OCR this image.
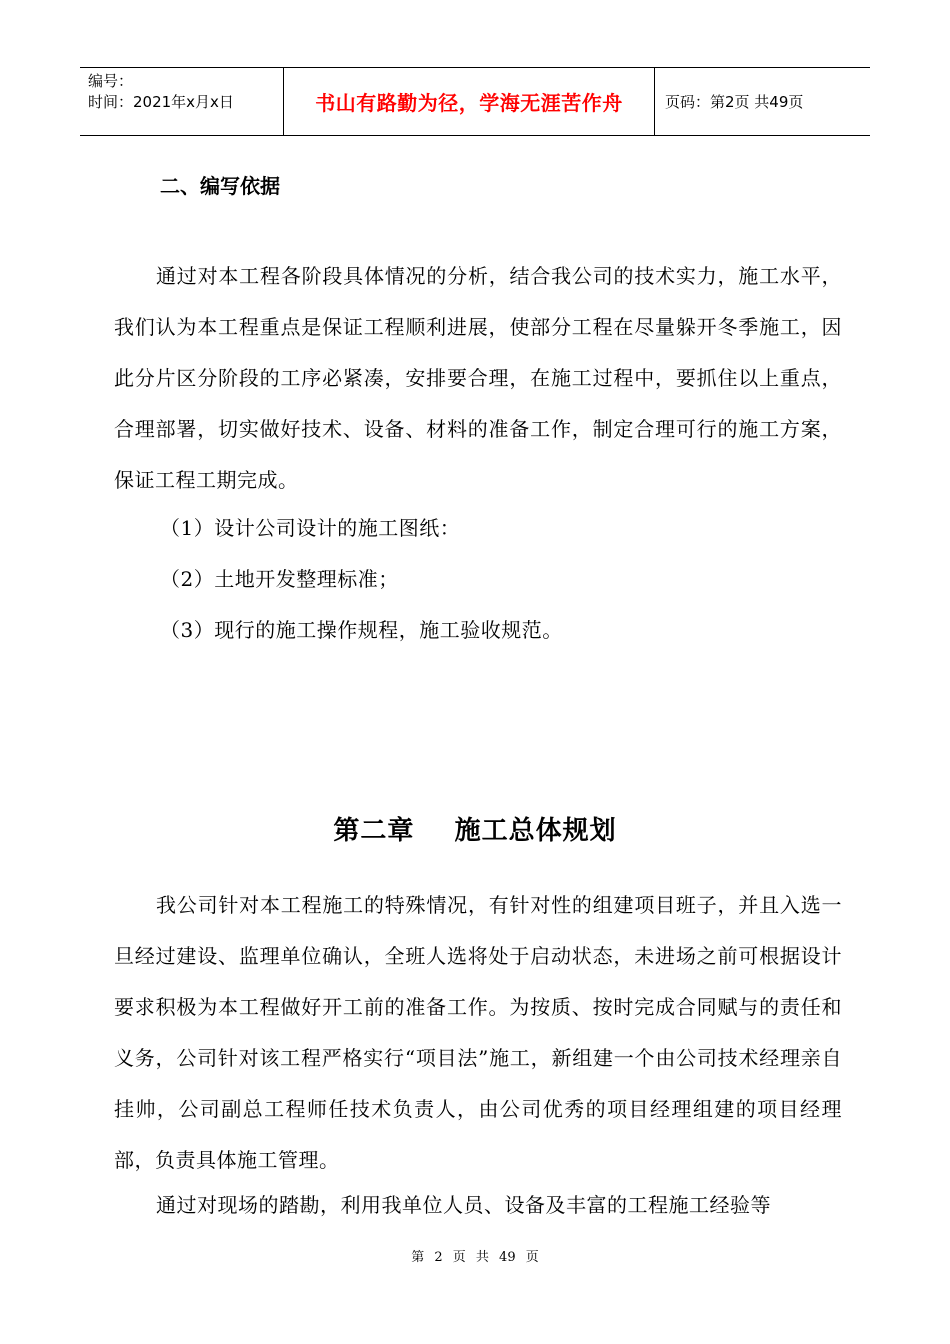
编号：
时间：2021年x月x日	书山有路勤为径，学海无涯苦作舟	页码：第2页 共49页
二、编写依据

通过对本工程各阶段具体情况的分析，结合我公司的技术实力，施工水平，我们认为本工程重点是保证工程顺利进展，使部分工程在尽量躲开冬季施工，因此分片区分阶段的工序必紧凑，安排要合理，在施工过程中，要抓住以上重点，合理部署，切实做好技术、设备、材料的准备工作，制定合理可行的施工方案，保证工程工期完成。

（1）设计公司设计的施工图纸：

（2）土地开发整理标准；

（3）现行的施工操作规程，施工验收规范。

第二章    施工总体规划

我公司针对本工程施工的特殊情况，有针对性的组建项目班子，并且入选一旦经过建设、监理单位确认，全班人选将处于启动状态，未进场之前可根据设计要求积极为本工程做好开工前的准备工作。为按质、按时完成合同赋与的责任和义务，公司针对该工程严格实行“项目法”施工，新组建一个由公司技术经理亲自挂帅，公司副总工程师任技术负责人，由公司优秀的项目经理组建的项目经理部，负责具体施工管理。

通过对现场的踏勘，利用我单位人员、设备及丰富的工程施工经验等

第 2 页 共 49 页
